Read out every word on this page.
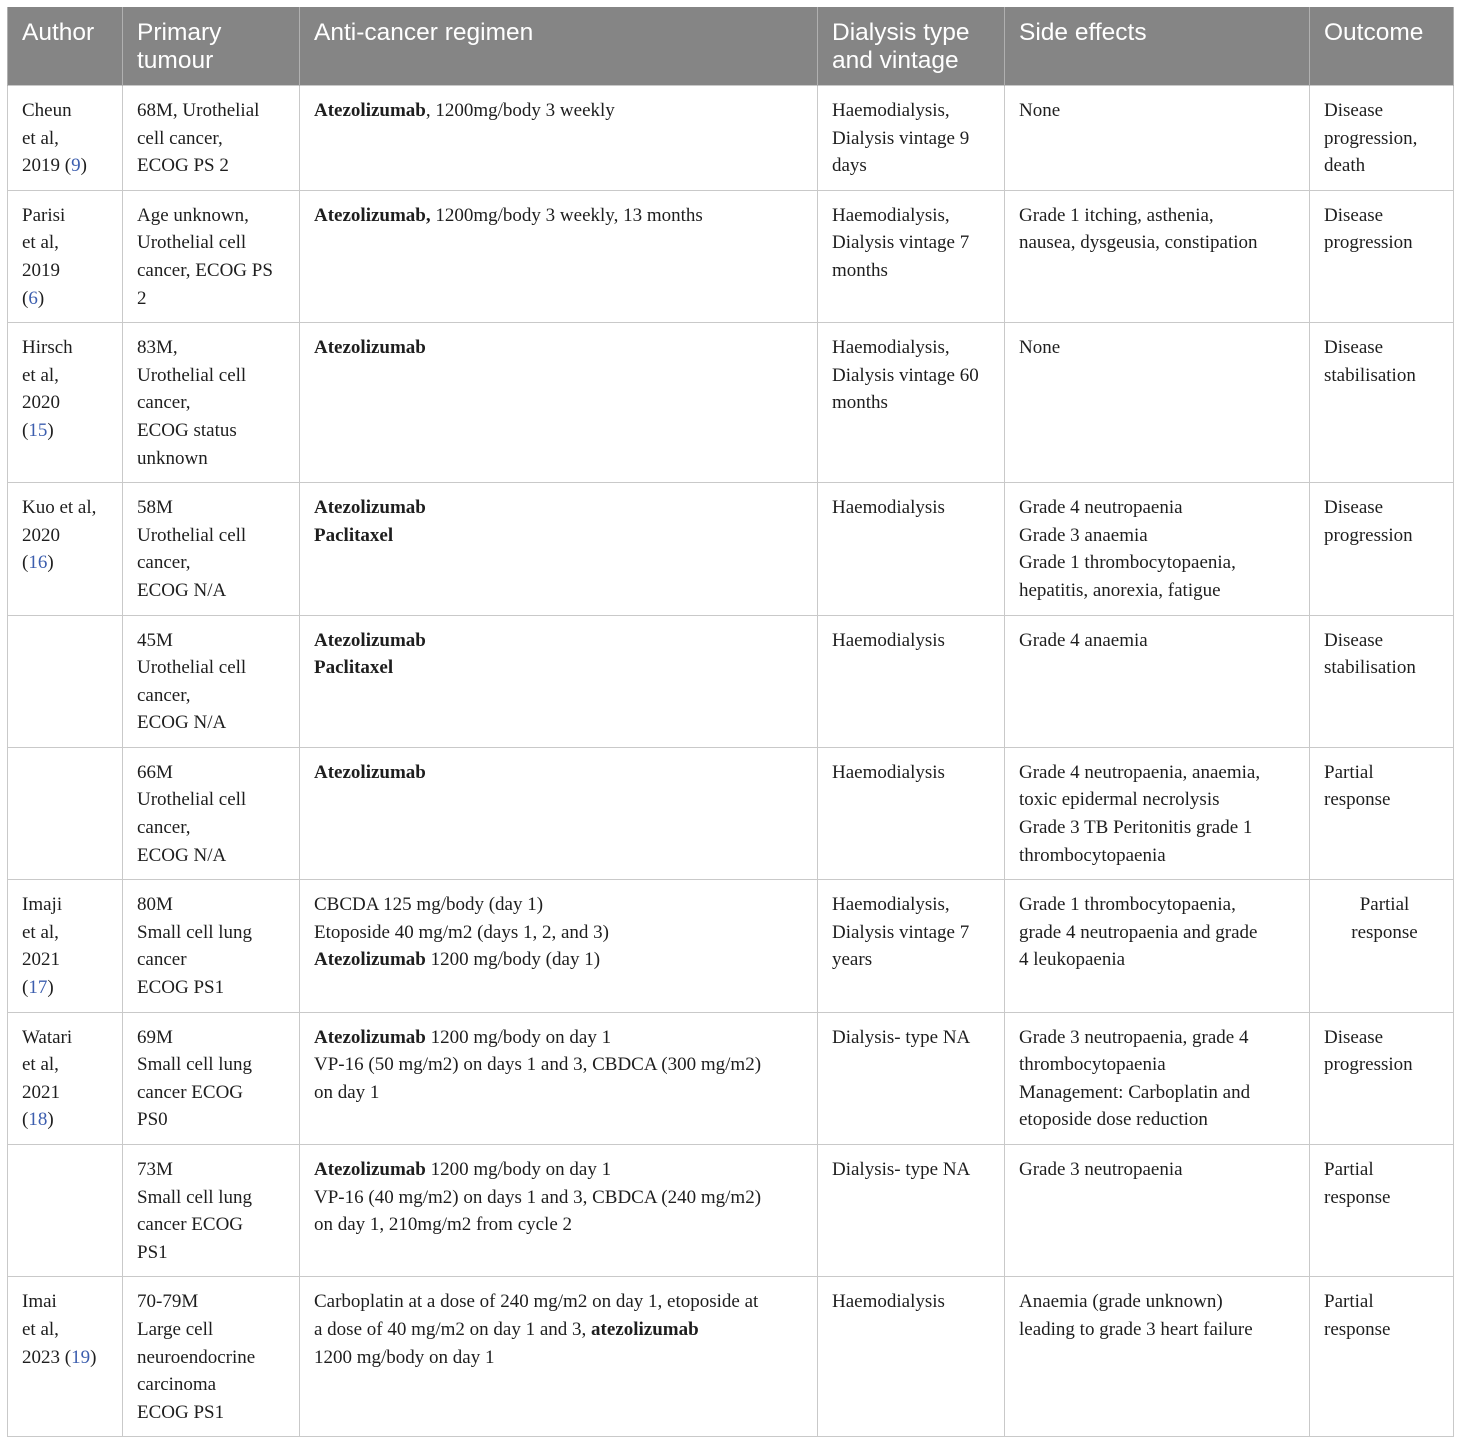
Author	Primary
tumour	Anti-cancer regimen	Dialysis type
and vintage	Side effects	Outcome
Cheun
et al,
2019 (9)	68M, Urothelial
cell cancer,
ECOG PS 2	Atezolizumab, 1200mg/body 3 weekly	Haemodialysis,
Dialysis vintage 9
days	None	Disease
progression,
death
Parisi
et al,
2019
(6)	Age unknown,
Urothelial cell
cancer, ECOG PS
2	Atezolizumab, 1200mg/body 3 weekly, 13 months	Haemodialysis,
Dialysis vintage 7
months	Grade 1 itching, asthenia,
nausea, dysgeusia, constipation	Disease
progression
Hirsch
et al,
2020
(15)	83M,
Urothelial cell
cancer,
ECOG status
unknown	Atezolizumab	Haemodialysis,
Dialysis vintage 60
months	None	Disease
stabilisation
Kuo et al,
2020
(16)	58M
Urothelial cell
cancer,
ECOG N/A	Atezolizumab
Paclitaxel	Haemodialysis	Grade 4 neutropaenia
Grade 3 anaemia
Grade 1 thrombocytopaenia,
hepatitis, anorexia, fatigue	Disease
progression
	45M
Urothelial cell
cancer,
ECOG N/A	Atezolizumab
Paclitaxel	Haemodialysis	Grade 4 anaemia	Disease
stabilisation
	66M
Urothelial cell
cancer,
ECOG N/A	Atezolizumab	Haemodialysis	Grade 4 neutropaenia, anaemia,
toxic epidermal necrolysis
Grade 3 TB Peritonitis grade 1
thrombocytopaenia	Partial
response
Imaji
et al,
2021
(17)	80M
Small cell lung
cancer
ECOG PS1	CBCDA 125 mg/body (day 1)
Etoposide 40 mg/m2 (days 1, 2, and 3)
Atezolizumab 1200 mg/body (day 1)	Haemodialysis,
Dialysis vintage 7
years	Grade 1 thrombocytopaenia,
grade 4 neutropaenia and grade
4 leukopaenia	Partial
response
Watari
et al,
2021
(18)	69M
Small cell lung
cancer ECOG
PS0	Atezolizumab 1200 mg/body on day 1
VP-16 (50 mg/m2) on days 1 and 3, CBDCA (300 mg/m2)
on day 1	Dialysis- type NA	Grade 3 neutropaenia, grade 4
thrombocytopaenia
Management: Carboplatin and
etoposide dose reduction	Disease
progression
	73M
Small cell lung
cancer ECOG
PS1	Atezolizumab 1200 mg/body on day 1
VP-16 (40 mg/m2) on days 1 and 3, CBDCA (240 mg/m2)
on day 1, 210mg/m2 from cycle 2	Dialysis- type NA	Grade 3 neutropaenia	Partial
response
Imai
et al,
2023 (19)	70-79M
Large cell
neuroendocrine
carcinoma
ECOG PS1	Carboplatin at a dose of 240 mg/m2 on day 1, etoposide at
a dose of 40 mg/m2 on day 1 and 3, atezolizumab
1200 mg/body on day 1	Haemodialysis	Anaemia (grade unknown)
leading to grade 3 heart failure	Partial
response
